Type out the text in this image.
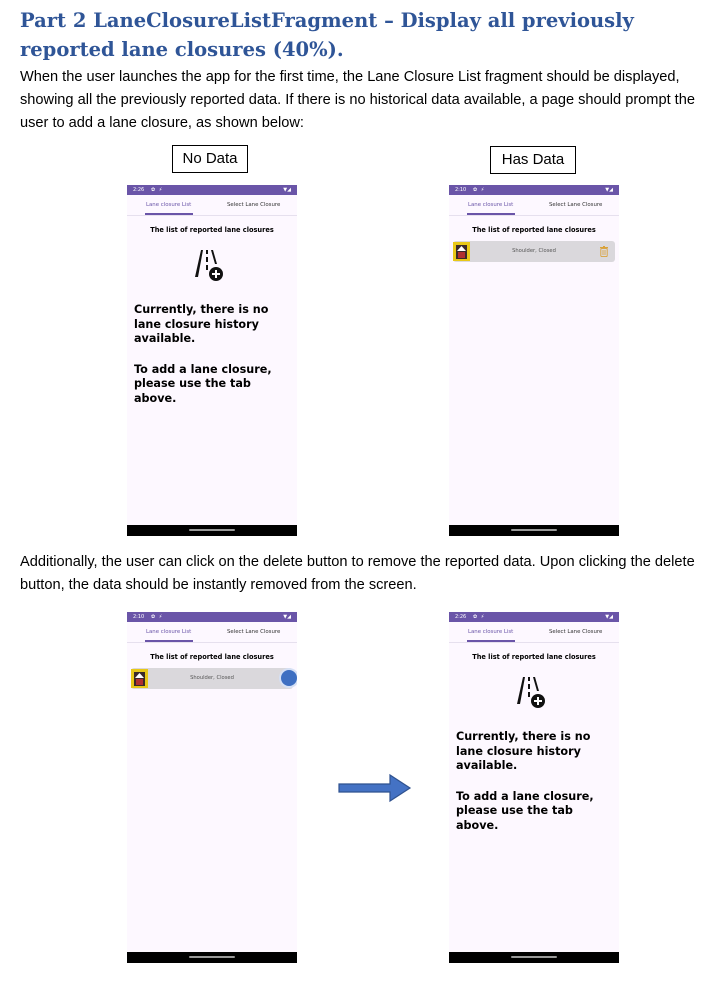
Part 2 LaneClosureListFragment – Display all previously reported lane closures (40%).

When the user launches the app for the first time, the Lane Closure List fragment should be displayed, showing all the previously reported data. If there is no historical data available, a page should prompt the user to add a lane closure, as shown below:

No Data	Has Data
2:26 ✿ ⚡	▼◢
Lane closure List	Select Lane Closure
The list of reported lane closures

Currently, there is no lane closure history available.

To add a lane closure, please use the tab above.

2:10 ✿ ⚡	▼◢
Lane closure List	Select Lane Closure
The list of reported lane closures
Shoulder, Closed

Additionally, the user can click on the delete button to remove the reported data. Upon clicking the delete button, the data should be instantly removed from the screen.

2:10 ✿ ⚡	▼◢
Lane closure List	Select Lane Closure
The list of reported lane closures
Shoulder, Closed
2:26 ✿ ⚡	▼◢
Lane closure List	Select Lane Closure
The list of reported lane closures

Currently, there is no lane closure history available.

To add a lane closure, please use the tab above.
